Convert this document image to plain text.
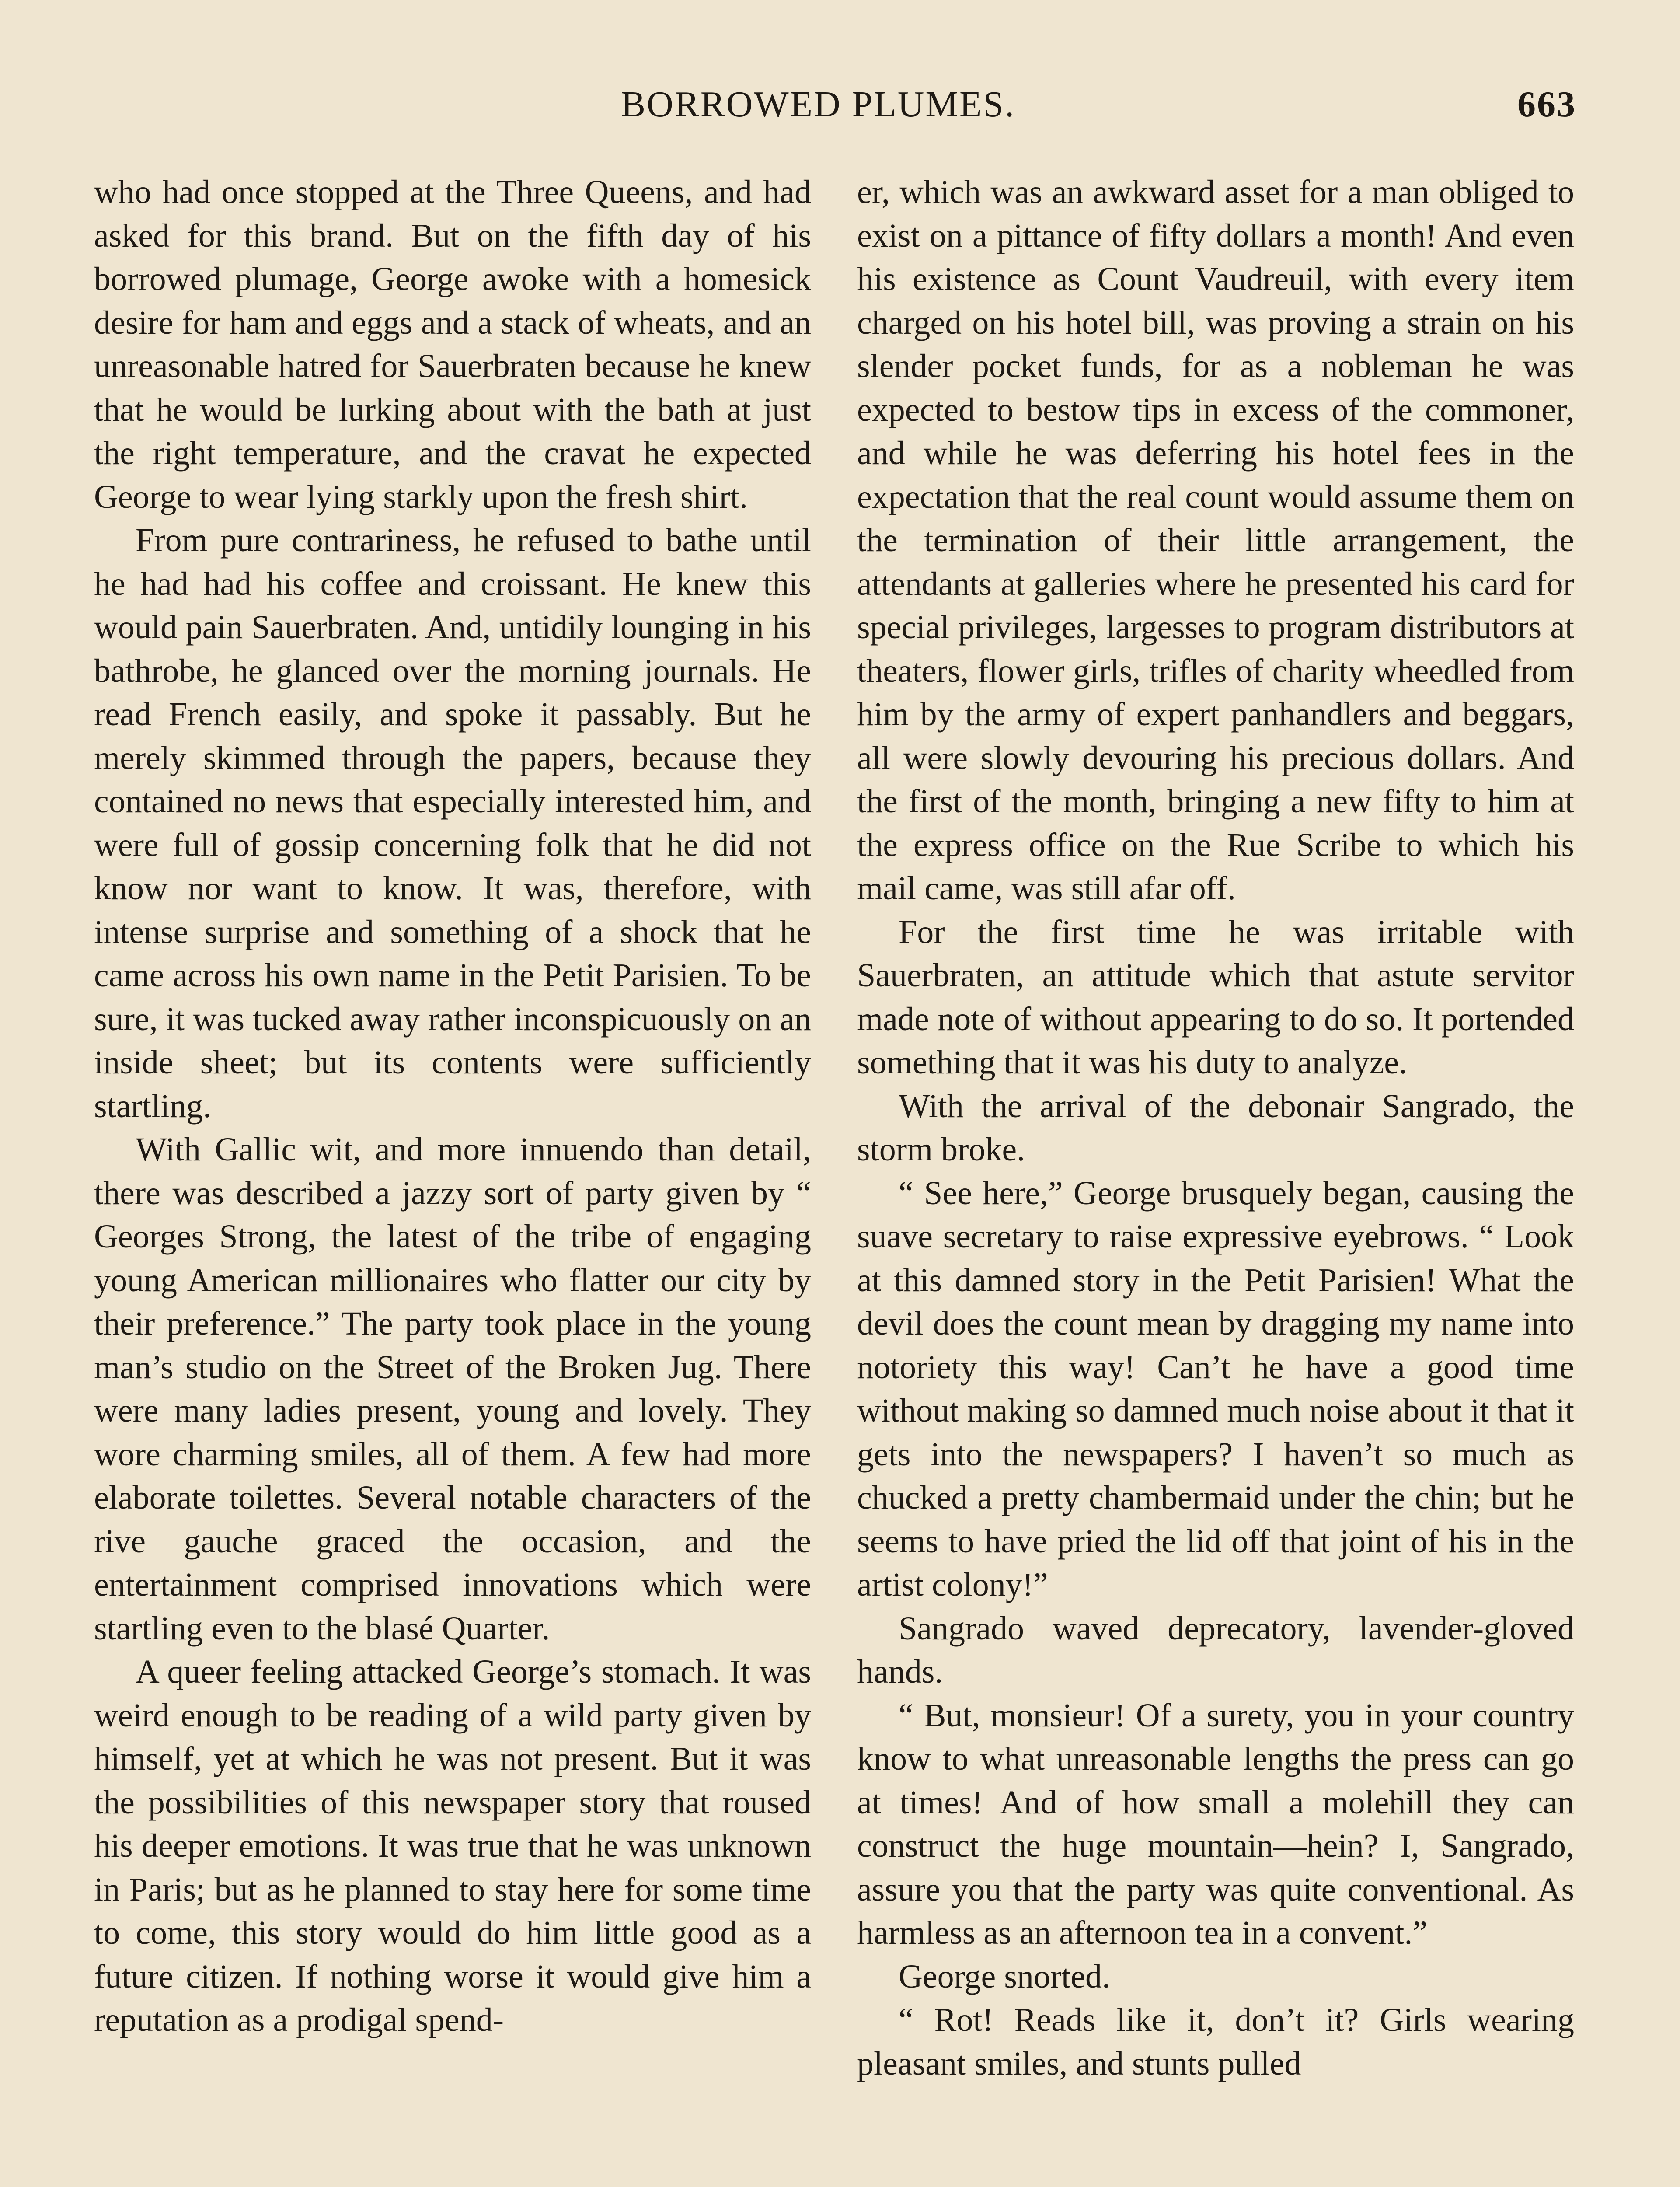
BORROWED PLUMES.	663

who had once stopped at the Three Queens, and had asked for this brand. But on the fifth day of his borrowed plumage, George awoke with a homesick desire for ham and eggs and a stack of wheats, and an unreasonable hatred for Sauerbraten because he knew that he would be lurking about with the bath at just the right temperature, and the cravat he expected George to wear lying starkly upon the fresh shirt.

From pure contrariness, he refused to bathe until he had had his coffee and croissant. He knew this would pain Sauerbraten. And, untidily lounging in his bathrobe, he glanced over the morning journals. He read French easily, and spoke it passably. But he merely skimmed through the papers, because they contained no news that especially interested him, and were full of gossip concerning folk that he did not know nor want to know. It was, therefore, with intense surprise and something of a shock that he came across his own name in the Petit Parisien. To be sure, it was tucked away rather inconspicuously on an inside sheet; but its contents were sufficiently startling.

With Gallic wit, and more innuendo than detail, there was described a jazzy sort of party given by “ Georges Strong, the latest of the tribe of engaging young American millionaires who flatter our city by their preference.” The party took place in the young man’s studio on the Street of the Broken Jug. There were many ladies present, young and lovely. They wore charming smiles, all of them. A few had more elaborate toilettes. Several notable characters of the rive gauche graced the occasion, and the entertainment comprised innovations which were startling even to the blasé Quarter.

A queer feeling attacked George’s stomach. It was weird enough to be reading of a wild party given by himself, yet at which he was not present. But it was the possibilities of this newspaper story that roused his deeper emotions. It was true that he was unknown in Paris; but as he planned to stay here for some time to come, this story would do him little good as a future citizen. If nothing worse it would give him a reputation as a prodigal spend-

er, which was an awkward asset for a man obliged to exist on a pittance of fifty dollars a month! And even his existence as Count Vaudreuil, with every item charged on his hotel bill, was proving a strain on his slender pocket funds, for as a nobleman he was expected to bestow tips in excess of the commoner, and while he was deferring his hotel fees in the expectation that the real count would assume them on the termination of their little arrangement, the attendants at galleries where he presented his card for special privileges, largesses to program distributors at theaters, flower girls, trifles of charity wheedled from him by the army of expert panhandlers and beggars, all were slowly devouring his precious dollars. And the first of the month, bringing a new fifty to him at the express office on the Rue Scribe to which his mail came, was still afar off.

For the first time he was irritable with Sauerbraten, an attitude which that astute servitor made note of without appearing to do so. It portended something that it was his duty to analyze.

With the arrival of the debonair Sangrado, the storm broke.

“ See here,” George brusquely began, causing the suave secretary to raise expressive eyebrows. “ Look at this damned story in the Petit Parisien! What the devil does the count mean by dragging my name into notoriety this way! Can’t he have a good time without making so damned much noise about it that it gets into the newspapers? I haven’t so much as chucked a pretty chambermaid under the chin; but he seems to have pried the lid off that joint of his in the artist colony!”

Sangrado waved deprecatory, lavender-gloved hands.

“ But, monsieur! Of a surety, you in your country know to what unreasonable lengths the press can go at times! And of how small a molehill they can construct the huge mountain—hein? I, Sangrado, assure you that the party was quite conventional. As harmless as an afternoon tea in a convent.”

George snorted.

“ Rot! Reads like it, don’t it? Girls wearing pleasant smiles, and stunts pulled
